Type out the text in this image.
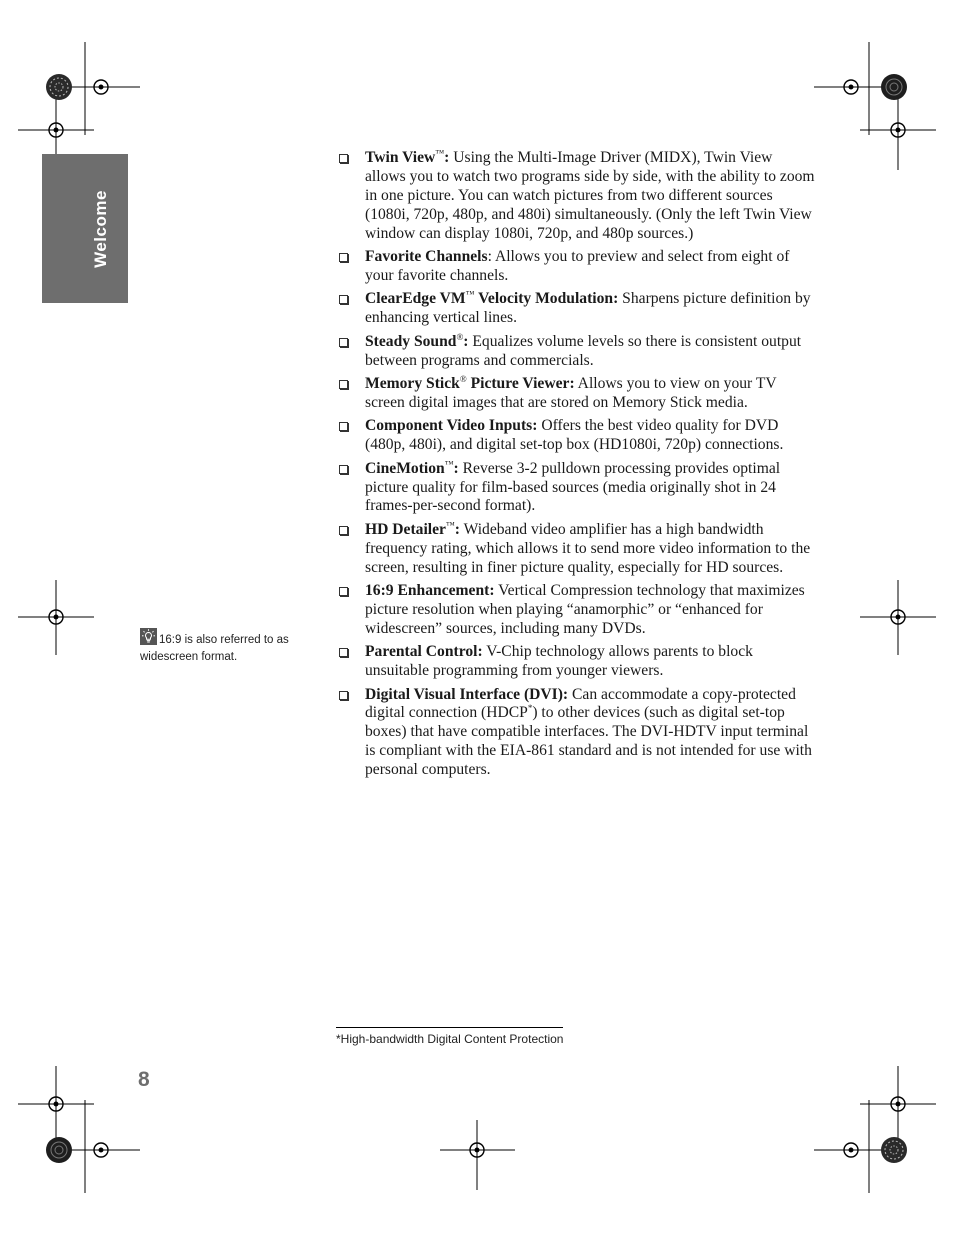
Welcome
Twin View™: Using the Multi-Image Driver (MIDX), Twin View allows you to watch two programs side by side, with the ability to zoom in one picture. You can watch pictures from two different sources (1080i, 720p, 480p, and 480i) simultaneously. (Only the left Twin View window can display 1080i, 720p, and 480p sources.)
Favorite Channels: Allows you to preview and select from eight of your favorite channels.
ClearEdge VM™ Velocity Modulation: Sharpens picture definition by enhancing vertical lines.
Steady Sound®: Equalizes volume levels so there is consistent output between programs and commercials.
Memory Stick® Picture Viewer: Allows you to view on your TV screen digital images that are stored on Memory Stick media.
Component Video Inputs: Offers the best video quality for DVD (480p, 480i), and digital set-top box (HD1080i, 720p) connections.
CineMotion™: Reverse 3-2 pulldown processing provides optimal picture quality for film-based sources (media originally shot in 24 frames-per-second format).
HD Detailer™: Wideband video amplifier has a high bandwidth frequency rating, which allows it to send more video information to the screen, resulting in finer picture quality, especially for HD sources.
16:9 Enhancement: Vertical Compression technology that maximizes picture resolution when playing “anamorphic” or “enhanced for widescreen” sources, including many DVDs.
Parental Control: V-Chip technology allows parents to block unsuitable programming from younger viewers.
Digital Visual Interface (DVI): Can accommodate a copy-protected digital connection (HDCP*) to other devices (such as digital set-top boxes) that have compatible interfaces. The DVI-HDTV input terminal is compliant with the EIA-861 standard and is not intended for use with personal computers.
16:9 is also referred to as widescreen format.
*High-bandwidth Digital Content Protection
8
